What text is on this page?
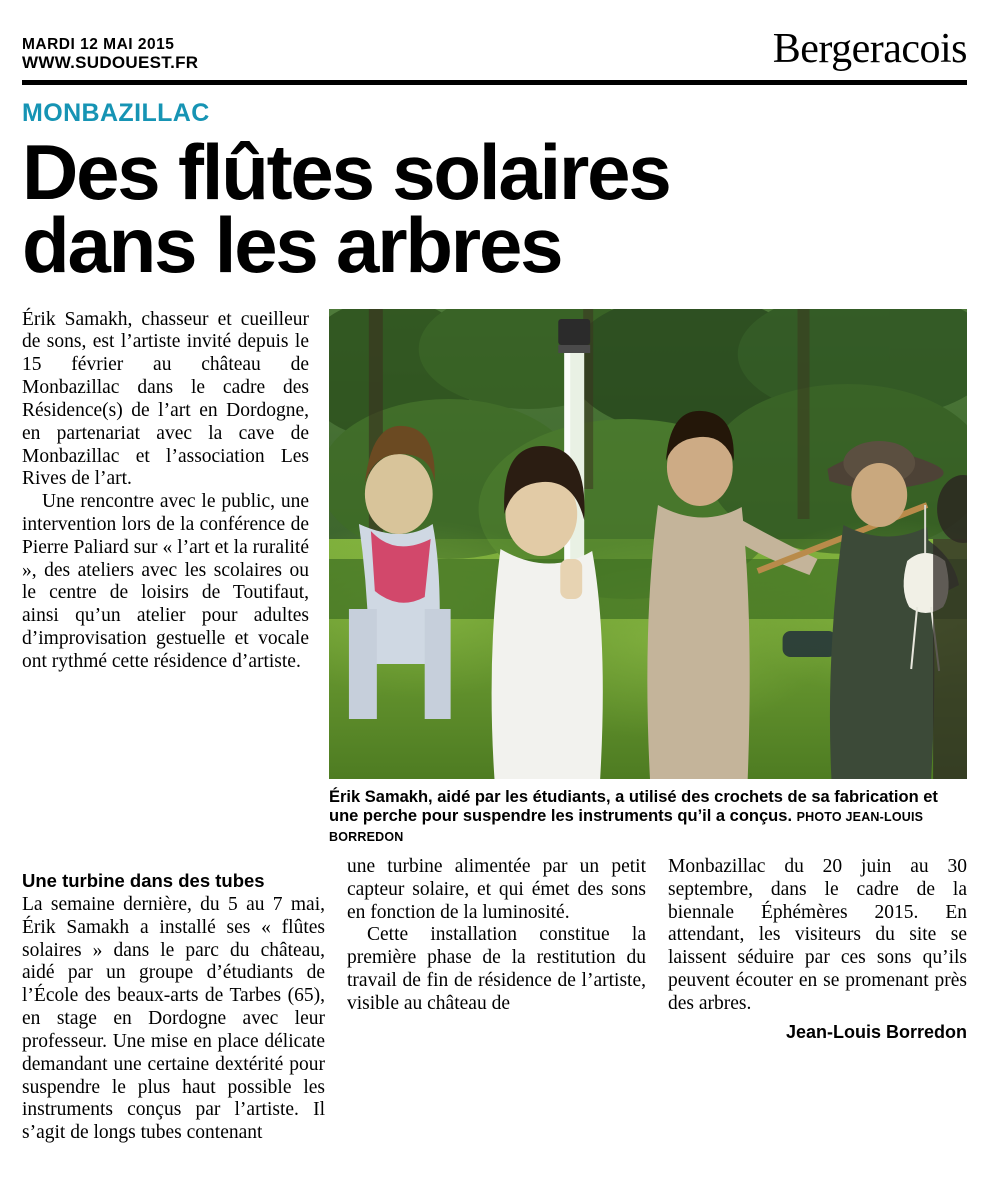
MARDI 12 MAI 2015
WWW.SUDOUEST.FR	Bergeracois
MONBAZILLAC
Des flûtes solaires
dans les arbres

Érik Samakh, chasseur et cueilleur de sons, est l’artiste invité depuis le 15 février au château de Monbazillac dans le cadre des Résidence(s) de l’art en Dordogne, en partenariat avec la cave de Monbazillac et l’association Les Rives de l’art.

Une rencontre avec le public, une intervention lors de la conférence de Pierre Paliard sur « l’art et la ruralité », des ateliers avec les scolaires ou le centre de loisirs de Toutifaut, ainsi qu’un atelier pour adultes d’improvisation gestuelle et vocale ont rythmé cette résidence d’artiste.

Érik Samakh, aidé par les étudiants, a utilisé des crochets de sa fabrication et une perche pour suspendre les instruments qu’il a conçus. PHOTO JEAN-LOUIS BORREDON
Une turbine dans des tubes

La semaine dernière, du 5 au 7 mai, Érik Samakh a installé ses « flûtes solaires » dans le parc du château, aidé par un groupe d’étudiants de l’École des beaux-arts de Tarbes (65), en stage en Dordogne avec leur professeur. Une mise en place délicate demandant une certaine dextérité pour suspendre le plus haut possible les instruments conçus par l’artiste. Il s’agit de longs tubes contenant

une turbine alimentée par un petit capteur solaire, et qui émet des sons en fonction de la luminosité.

Cette installation constitue la première phase de la restitution du travail de fin de résidence de l’artiste, visible au château de

Monbazillac du 20 juin au 30 septembre, dans le cadre de la biennale Éphémères 2015. En attendant, les visiteurs du site se laissent séduire par ces sons qu’ils peuvent écouter en se promenant près des arbres.

Jean-Louis Borredon
